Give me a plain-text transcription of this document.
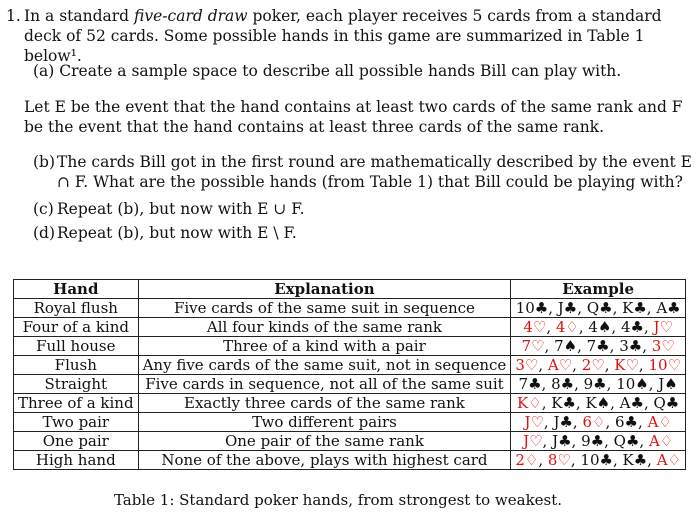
1. In a standard five-card draw poker, each player receives 5 cards from a standard deck of 52 cards. Some possible hands in this game are summarized in Table 1 below¹.
(a) Create a sample space to describe all possible hands Bill can play with.
Let E be the event that the hand contains at least two cards of the same rank and F be the event that the hand contains at least three cards of the same rank.
(b) The cards Bill got in the first round are mathematically described by the event E ∩ F. What are the possible hands (from Table 1) that Bill could be playing with?
(c) Repeat (b), but now with E ∪ F.
(d) Repeat (b), but now with E \ F.
Hand	Explanation	Example
Royal flush	Five cards of the same suit in sequence	10♣, J♣, Q♣, K♣, A♣
Four of a kind	All four kinds of the same rank	4♡, 4♢, 4♠, 4♣, J♡
Full house	Three of a kind with a pair	7♡, 7♠, 7♣, 3♣, 3♡
Flush	Any five cards of the same suit, not in sequence	3♡, A♡, 2♡, K♡, 10♡
Straight	Five cards in sequence, not all of the same suit	7♣, 8♣, 9♣, 10♠, J♠
Three of a kind	Exactly three cards of the same rank	K♢, K♣, K♠, A♣, Q♣
Two pair	Two different pairs	J♡, J♣, 6♢, 6♣, A♢
One pair	One pair of the same rank	J♡, J♣, 9♣, Q♣, A♢
High hand	None of the above, plays with highest card	2♢, 8♡, 10♣, K♣, A♢
Table 1: Standard poker hands, from strongest to weakest.
